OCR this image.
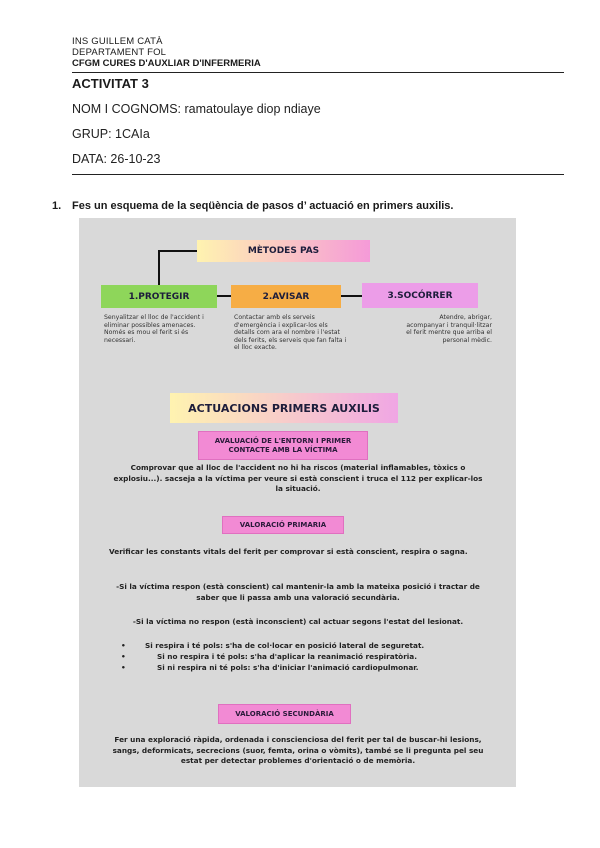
INS GUILLEM CATÀ
DEPARTAMENT FOL
CFGM CURES D'AUXLIAR D'INFERMERIA
ACTIVITAT 3
NOM I COGNOMS: ramatoulaye diop ndiaye
GRUP: 1CAIa
DATA: 26-10-23
1. Fes un esquema de la seqüència de pasos d’ actuació en primers auxilis.
MÈTODES PAS
1.PROTEGIR	2.AVISAR	3.SOCÓRRER
Senyalitzar el lloc de l'accident i eliminar possibles amenaces. Només es mou el ferit si és necessari.
Contactar amb els serveis d'emergència i explicar-los els detalls com ara el nombre i l'estat dels ferits, els serveis que fan falta i el lloc exacte.
Atendre, abrigar, acompanyar i tranquil·litzar el ferit mentre que arriba el personal mèdic.
ACTUACIONS PRIMERS AUXILIS
AVALUACIÓ DE L'ENTORN I PRIMER CONTACTE AMB LA VÍCTIMA
Comprovar que al lloc de l'accident no hi ha riscos (material inflamables, tòxics o explosiu...). sacseja a la víctima per veure si està conscient i truca el 112 per explicar-los la situació.
VALORACIÓ PRIMARIA
Verificar les constants vitals del ferit per comprovar si està conscient, respira o sagna.
-Si la víctima respon (està conscient) cal mantenir-la amb la mateixa posició i tractar de saber que li passa amb una valoració secundària.
-Si la víctima no respon (està inconscient) cal actuar segons l'estat del lesionat.
•	Si respira i té pols: s'ha de col·locar en posició lateral de seguretat.
•	Si no respira i té pols: s'ha d'aplicar la reanimació respiratòria.
•	Si ni respira ni té pols: s'ha d'iniciar l'animació cardiopulmonar.
VALORACIÓ SECUNDÀRIA
Fer una exploració ràpida, ordenada i conscienciosa del ferit per tal de buscar-hi lesions, sangs, deformicats, secrecions (suor, femta, orina o vòmits), també se li pregunta pel seu estat per detectar problemes d'orientació o de memòria.
